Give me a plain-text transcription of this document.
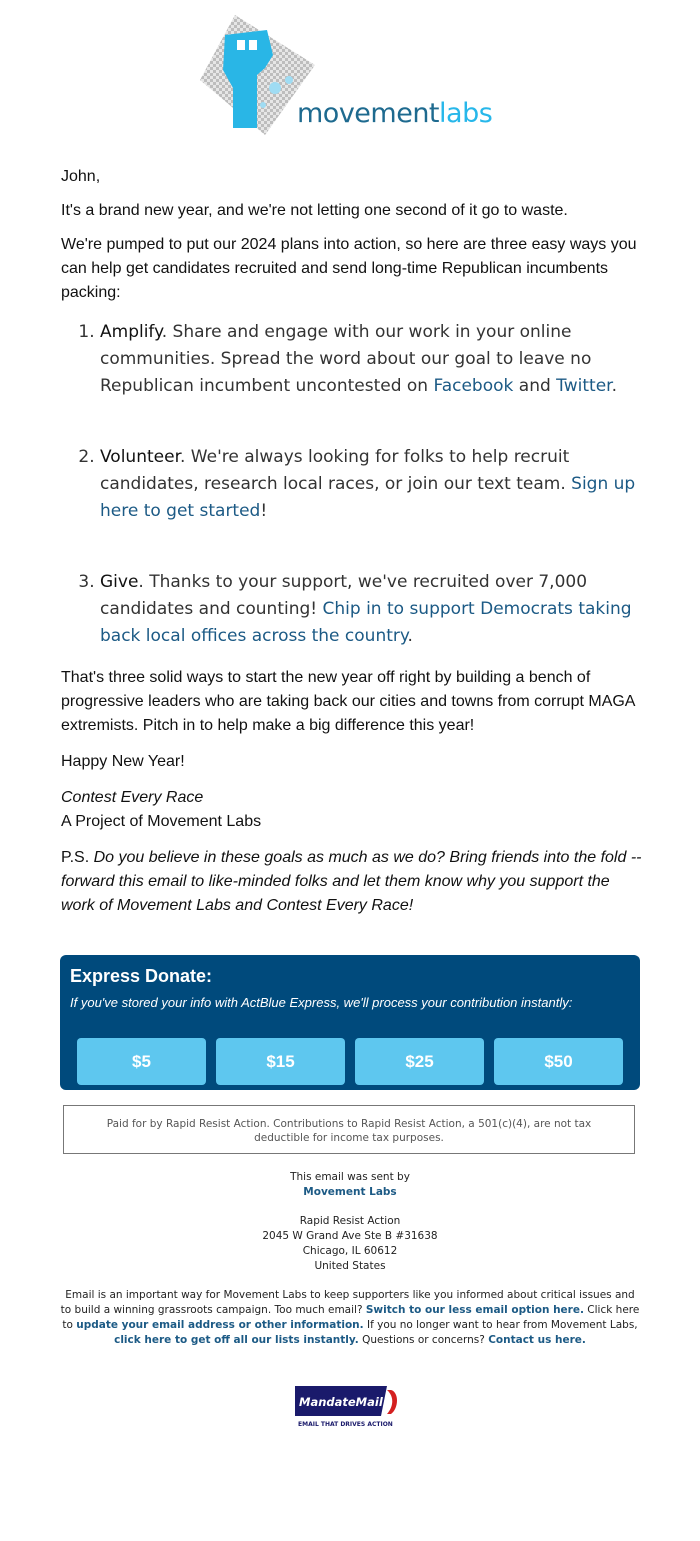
movementlabs

John,

It's a brand new year, and we're not letting one second of it go to waste.

We're pumped to put our 2024 plans into action, so here are three easy ways you can help get candidates recruited and send long-time Republican incumbents packing:

1. Amplify. Share and engage with our work in your online communities. Spread the word about our goal to leave no Republican incumbent uncontested on Facebook and Twitter.
2. Volunteer. We're always looking for folks to help recruit candidates, research local races, or join our text team. Sign up here to get started!
3. Give. Thanks to your support, we've recruited over 7,000 candidates and counting! Chip in to support Democrats taking back local offices across the country.

That's three solid ways to start the new year off right by building a bench of progressive leaders who are taking back our cities and towns from corrupt MAGA extremists. Pitch in to help make a big difference this year!

Happy New Year!

Contest Every Race

A Project of Movement Labs

P.S. Do you believe in these goals as much as we do? Bring friends into the fold -- forward this email to like-minded folks and let them know why you support the work of Movement Labs and Contest Every Race!

Express Donate:
If you've stored your info with ActBlue Express, we'll process your contribution instantly:
$5	$15	$25	$50
Paid for by Rapid Resist Action. Contributions to Rapid Resist Action, a 501(c)(4), are not tax deductible for income tax purposes.
This email was sent by
Movement Labs
Rapid Resist Action
2045 W Grand Ave Ste B #31638
Chicago, IL 60612
United States
Email is an important way for Movement Labs to keep supporters like you informed about critical issues and to build a winning grassroots campaign. Too much email? Switch to our less email option here. Click here to update your email address or other information. If you no longer want to hear from Movement Labs, click here to get off all our lists instantly. Questions or concerns? Contact us here.
MandateMail
EMAIL THAT DRIVES ACTION
